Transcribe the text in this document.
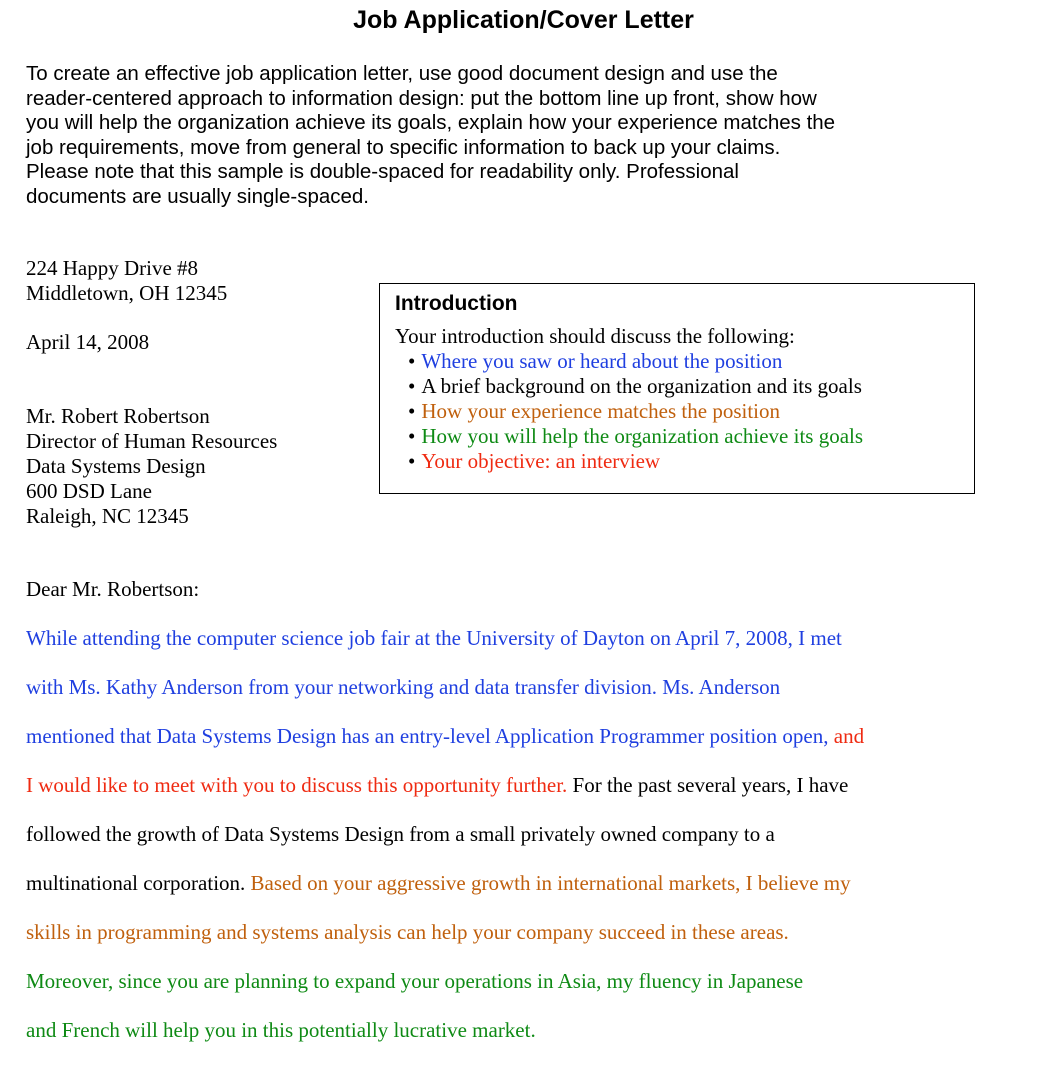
Job Application/Cover Letter
To create an effective job application letter, use good document design and use the
reader-centered approach to information design: put the bottom line up front, show how
you will help the organization achieve its goals, explain how your experience matches the
job requirements, move from general to specific information to back up your claims.
Please note that this sample is double-spaced for readability only. Professional
documents are usually single-spaced.
224 Happy Drive #8
Middletown, OH 12345
April 14, 2008
Mr. Robert Robertson
Director of Human Resources
Data Systems Design
600 DSD Lane
Raleigh, NC 12345
Introduction
Your introduction should discuss the following:
• Where you saw or heard about the position
• A brief background on the organization and its goals
• How your experience matches the position
• How you will help the organization achieve its goals
• Your objective: an interview
Dear Mr. Robertson:
While attending the computer science job fair at the University of Dayton on April 7, 2008, I met
with Ms. Kathy Anderson from your networking and data transfer division. Ms. Anderson
mentioned that Data Systems Design has an entry-level Application Programmer position open, and
I would like to meet with you to discuss this opportunity further. For the past several years, I have
followed the growth of Data Systems Design from a small privately owned company to a
multinational corporation. Based on your aggressive growth in international markets, I believe my
skills in programming and systems analysis can help your company succeed in these areas.
Moreover, since you are planning to expand your operations in Asia, my fluency in Japanese
and French will help you in this potentially lucrative market.
